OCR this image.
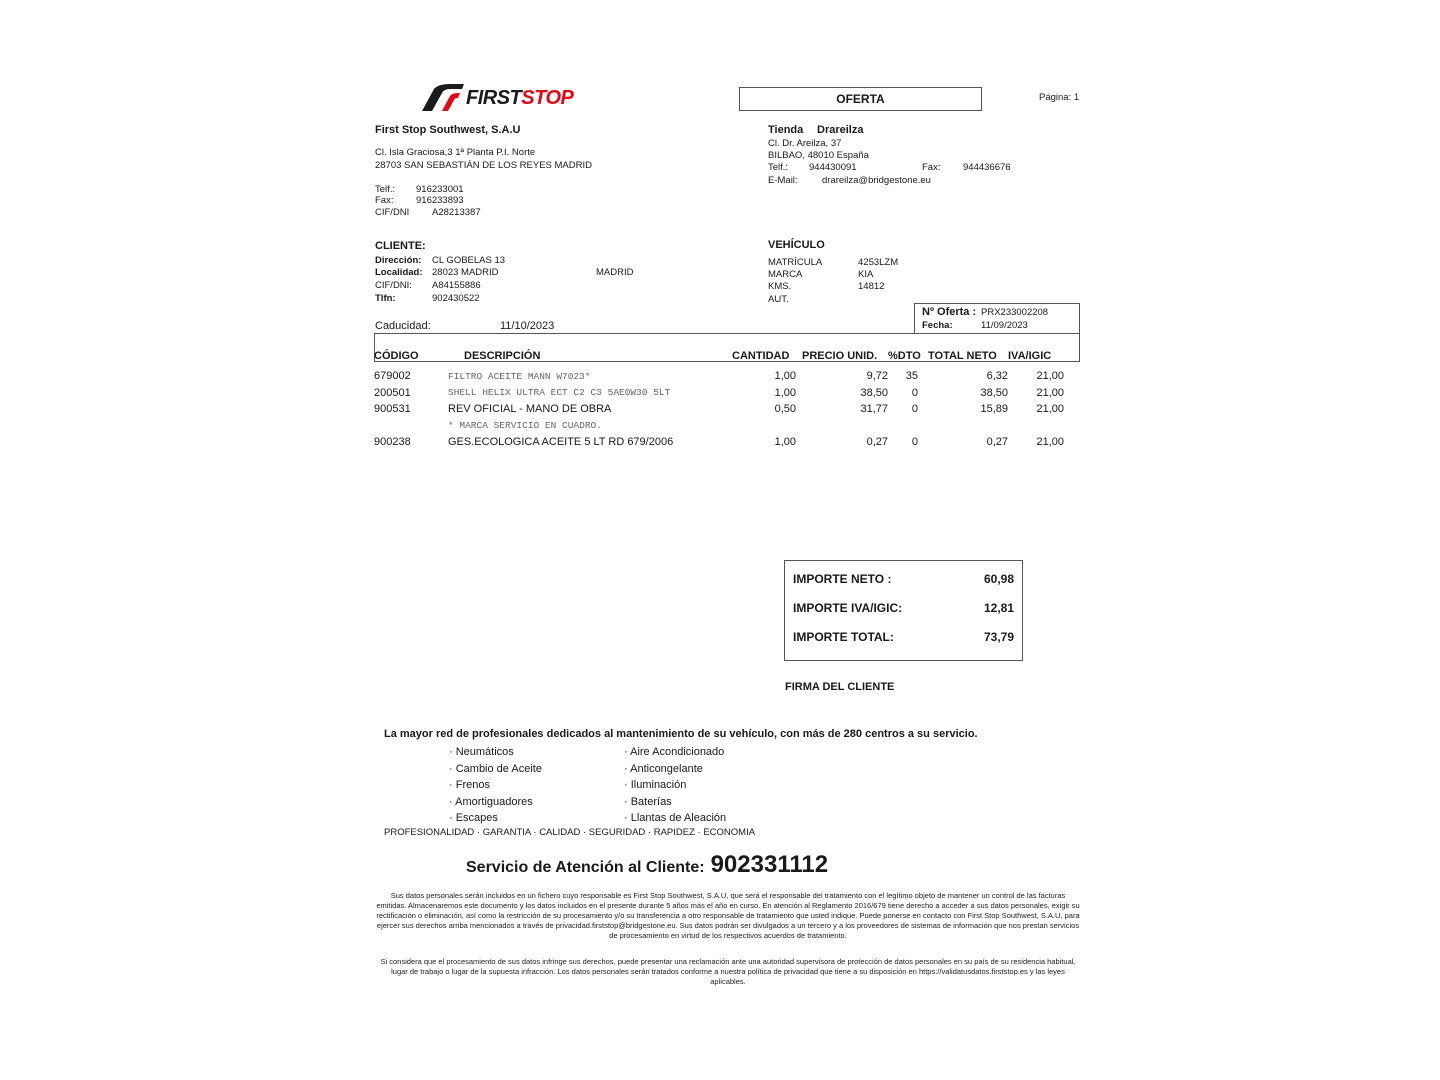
FIRSTSTOP	OFERTA	Página: 1
First Stop Southwest, S.A.U
Cl. Isla Graciosa,3 1ª Planta P.I. Norte
28703 SAN SEBASTIÁN DE LOS REYES MADRID
Telf.: 916233001
Fax: 916233893
CIF/DNI A28213387
Tienda Drareilza
Cl. Dr. Areilza, 37
BILBAO, 48010 España
Telf.: 944430091	Fax: 944436676
E-Mail:	drareilza@bridgestone.eu
CLIENTE:
Dirección: CL GOBELAS 13
Localidad: 28023 MADRID	MADRID
CIF/DNI: A84155886
Tlfn:	902430522
VEHÍCULO
MATRÍCULA	4253LZM
MARCA	KIA
KMS.	14812
AUT.
Nº Oferta : PRX233002208
Fecha:	11/09/2023
Caducidad:	11/10/2023
CÓDIGO	DESCRIPCIÓN	CANTIDAD	PRECIO UNID.	%DTO	TOTAL NETO	IVA/IGIC

679002	FILTRO ACEITE MANN W7023*	1,00	9,72	35	6,32	21,00
200501	SHELL HELIX ULTRA ECT C2 C3 5AE0W30 5LT	1,00	38,50	0	38,50	21,00
900531	REV OFICIAL - MANO DE OBRA	0,50	31,77	0	15,89	21,00
	* MARCA SERVICIO EN CUADRO.					
900238	GES.ECOLOGICA ACEITE 5 LT RD 679/2006	1,00	0,27	0	0,27	21,00
IMPORTE NETO :	60,98
IMPORTE IVA/IGIC:	12,81
IMPORTE TOTAL:	73,79
FIRMA DEL CLIENTE
La mayor red de profesionales dedicados al mantenimiento de su vehículo, con más de 280 centros a su servicio.
· Neumáticos
· Cambio de Aceite
· Frenos
· Amortiguadores
· Escapes
· Aire Acondicionado
· Anticongelante
· Iluminación
· Baterías
· Llantas de Aleación
PROFESIONALIDAD · GARANTIA · CALIDAD · SEGURIDAD · RAPIDEZ · ECONOMIA
Servicio de Atención al Cliente: 902331112
Sus datos personales serán incluidos en un fichero cuyo responsable es First Stop Southwest, S.A.U, que será el responsable del tratamiento con el legítimo objeto de mantener un control de las facturas emitidas. Almacenaremos este documento y los datos incluidos en el presente durante 5 años más el año en curso. En atención al Reglamento 2016/679 tiene derecho a acceder a sus datos personales, exigir su rectificación o eliminación, así como la restricción de su procesamiento y/o su transferencia a otro responsable de tratamiento que usted indique. Puede ponerse en contacto con First Stop Southwest, S.A.U, para ejercer sus derechos arriba mencionados a través de privacidad.firststop@bridgestone.eu. Sus datos podrán ser divulgados a un tercero y a los proveedores de sistemas de información que nos prestan servicios de procesamiento en virtud de los respectivos acuerdos de tratamiento.
Si considera que el procesamiento de sus datos infringe sus derechos, puede presentar una reclamación ante una autoridad supervisora de protección de datos personales en su país de su residencia habitual, lugar de trabajo o lugar de la supuesta infracción. Los datos personales serán tratados conforme a nuestra política de privacidad que tiene a su disposición en https://validatusdatos.firststop.es y las leyes aplicables.
